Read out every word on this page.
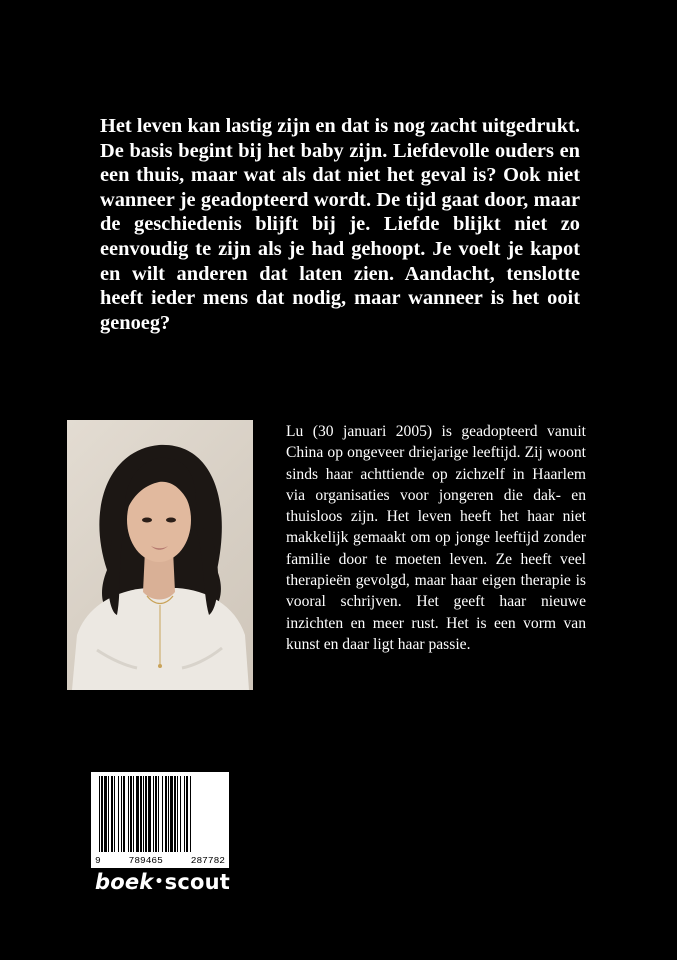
Het leven kan lastig zijn en dat is nog zacht uitgedrukt. De basis begint bij het baby zijn. Liefdevolle ouders en een thuis, maar wat als dat niet het geval is? Ook niet wanneer je geadopteerd wordt. De tijd gaat door, maar de geschiedenis blijft bij je. Liefde blijkt niet zo eenvoudig te zijn als je had gehoopt. Je voelt je kapot en wilt anderen dat laten zien. Aandacht, tenslotte heeft ieder mens dat nodig, maar wanneer is het ooit genoeg?

Lu (30 januari 2005) is geadopteerd vanuit China op ongeveer driejarige leeftijd. Zij woont sinds haar achttiende op zichzelf in Haarlem via organisaties voor jongeren die dak- en thuisloos zijn. Het leven heeft het haar niet makkelijk gemaakt om op jonge leeftijd zonder familie door te moeten leven. Ze heeft veel therapieën gevolgd, maar haar eigen therapie is vooral schrijven. Het geeft haar nieuwe inzichten en meer rust. Het is een vorm van kunst en daar ligt haar passie.

9	789465	287782
boek•scout
